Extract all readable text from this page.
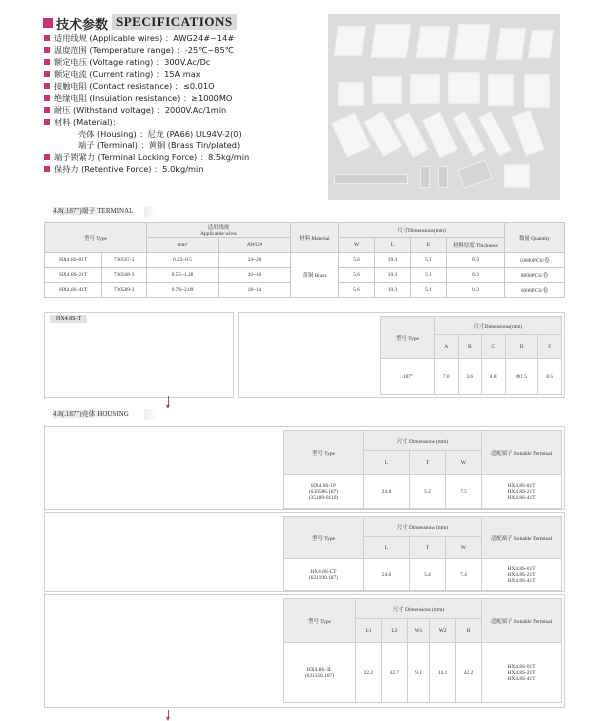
技术参数 SPECIFICATIONS
适用线规 (Applicable wires) ：AWG24#~14#
温度范围 (Temperature range) ：-25℃~85℃
额定电压 (Voltage rating) ：300V.Ac/Dc
额定电流 (Current rating) ：15A max
接触电阻 (Contact resistance) ：≤0.01O
绝缘电阻 (Insulation resistance) ：≥1000MO
耐压 (Withstand voltage) ：2000V.Ac/1min
材料 (Material)：
壳体 (Housing) ：尼龙 (PA66) UL94V-2(0)
端子 (Terminal) ：黄铜 (Brass Tin/plated)
端子锁紧力 (Terminal Locking Force) ：8.5kg/min
保持力 (Retentive Force) ：5.0kg/min
4.8(.187")端子 TERMINAL
型号 Type		适用线规
Applicable wires		材料 Material	尺寸Dimensions(mm)				数量 Quantity
		mm²	AWG#		W	L	E	材料厚度 Thickness	
HX4.8S-01T	730567-3	0.22~0.5	24~20	黄铜 Brass	5.6	19.3	5.1	0.3	10000PCS/卷
HX4.8S-21T	730568-3	0.55~1.28	20~16		5.6	19.3	5.1	0.3	8000PCS/卷
HX4.8S-41T	730569-3	0.76~2.09	18~14		5.6	19.3	5.1	0.3	6000PCS/卷
HX4.8S-T
W
E
L
B
A
C
D
F
2-1.2×40
型号 Type	尺寸Dimensions(mm)				
	A	B	C	D	F
.187"	7.0	3.6	4.8	Φ1.5	0.5
4.8(.187")壳体 HOUSING
W
L
型号 Type	尺寸 Dimensions (mm)			适配端子 Suitable Terminal
	L	T	W	
HX4.8S-1P
(630586.187)
(35189-0110)	24.8	5.2	7.5	HX4.8S-01T
HX4.8S-21T
HX4.8S-41T
L
T
型号 Type	尺寸 Dimensions (mm)			适配端子 Suitable Terminal
	L	T	W	
HX4.8S-CT
(631190.187)	24.6	5.4	7.4	HX4.8S-01T
HX4.8S-21T
HX4.8S-41T
L1
L2
W1
W2
H
型号 Type	尺寸 Dimensions (mm)					适配端子 Suitable Terminal
	L1	L2	W1	W2	H	
HX4.8S-3L
(631356.187)	22.2	32.7	9.1	14.1	42.2	HX4.8S-01T
HX4.8S-21T
HX4.8S-41T
